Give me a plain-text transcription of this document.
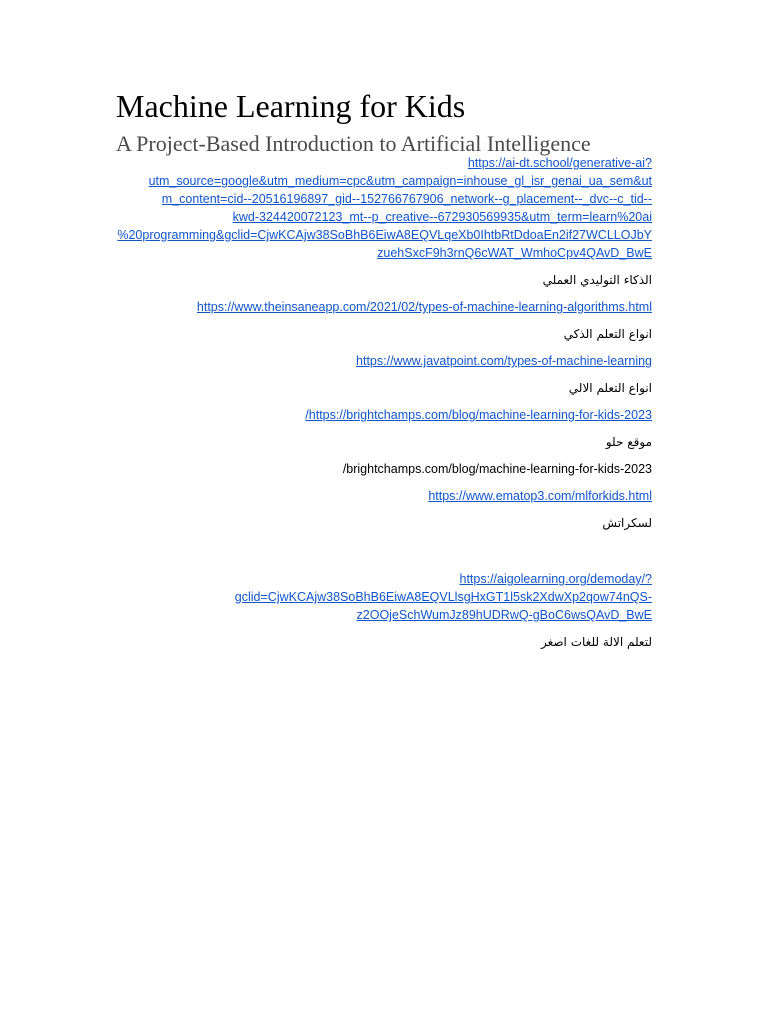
Machine Learning for Kids
A Project-Based Introduction to Artificial Intelligence

https://ai-dt.school/generative-ai?
utm_source=google&utm_medium=cpc&utm_campaign=inhouse_gl_isr_genai_ua_sem&ut
m_content=cid--20516196897_gid--152766767906_network--g_placement--_dvc--c_tid--
kwd-324420072123_mt--p_creative--672930569935&utm_term=learn%20ai
%20programming&gclid=CjwKCAjw38SoBhB6EiwA8EQVLqeXb0IhtbRtDdoaEn2if27WCLLOJbY
zuehSxcF9h3rnQ6cWAT_WmhoCpv4QAvD_BwE

الذكاء التوليدي العملي

https://www.theinsaneapp.com/2021/02/types-of-machine-learning-algorithms.html

انواع التعلم الذكي

https://www.javatpoint.com/types-of-machine-learning

انواع التعلم الالي

/https://brightchamps.com/blog/machine-learning-for-kids-2023

موقع حلو

/brightchamps.com/blog/machine-learning-for-kids-2023

https://www.ematop3.com/mlforkids.html

لسكراتش

https://aigolearning.org/demoday/?
gclid=CjwKCAjw38SoBhB6EiwA8EQVLlsgHxGT1l5sk2XdwXp2qow74nQS-
z2OOjeSchWumJz89hUDRwQ-gBoC6wsQAvD_BwE

لتعلم الالة للغات اصغر
